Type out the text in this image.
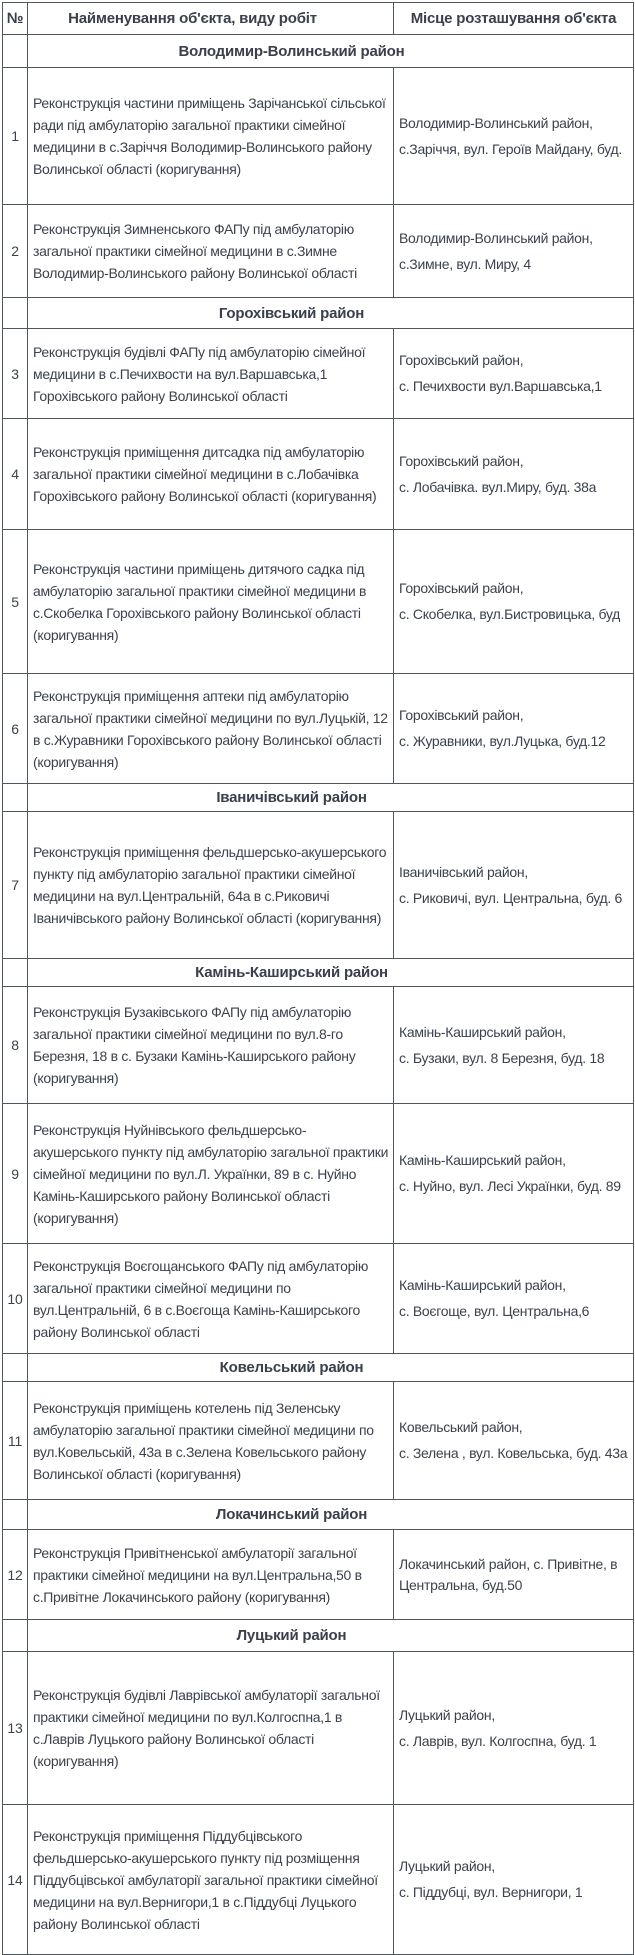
№	Найменування об'єкта, виду робіт	Місце розташування об'єкта
	Володимир-Волинський район	
1	Реконструкція частини приміщень Зарічанської сільської ради під амбулаторію загальної практики сімейної медицини в с.Заріччя Володимир-Волинського району Волинської області (коригування)	Володимир-Волинський район,
с.Заріччя, вул. Героїв Майдану, буд.

2	Реконструкція Зимненського ФАПу під амбулаторію загальної практики сімейної медицини в с.Зимне Володимир-Волинського району Волинської області	Володимир-Волинський район,
с.Зимне, вул. Миру, 4

	Горохівський район	
3	Реконструкція будівлі ФАПу під амбулаторію сімейної медицини в с.Печихвости на вул.Варшавська,1 Горохівського району Волинської області	Горохівський район,
с. Печихвости вул.Варшавська,1

4	Реконструкція приміщення дитсадка під амбулаторію загальної практики сімейної медицини в с.Лобачівка Горохівського району Волинської області (коригування)	Горохівський район,
с. Лобачівка. вул.Миру, буд. 38а

5	Реконструкція частини приміщень дитячого садка під амбулаторію загальної практики сімейної медицини в с.Скобелка Горохівського району Волинської області (коригування)	Горохівський район,
с. Скобелка, вул.Бистровицька, буд

6	Реконструкція приміщення аптеки під амбулаторію загальної практики сімейної медицини по вул.Луцькій, 12 в с.Журавники Горохівського району Волинської області (коригування)	Горохівський район,
с. Журавники, вул.Луцька, буд.12

	Іваничівський район	
7	Реконструкція приміщення фельдшерсько-акушерського пункту під амбулаторію загальної практики сімейної медицини на вул.Центральній, 64а в с.Риковичі Іваничівського району Волинської області (коригування)	Іваничівський район,
с. Риковичі, вул. Центральна, буд. 6

	Камінь-Каширський район	
8	Реконструкція Бузаківського ФАПу під амбулаторію загальної практики сімейної медицини по вул.8-го Березня, 18 в с. Бузаки Камінь-Каширського району (коригування)	Камінь-Каширський район,
с. Бузаки, вул. 8 Березня, буд. 18

9	Реконструкція Нуйнівського фельдшерсько-акушерського пункту під амбулаторію загальної практики сімейної медицини по вул.Л. Українки, 89 в с. Нуйно Камінь-Каширського району Волинської області (коригування)	Камінь-Каширський район,
с. Нуйно, вул. Лесі Українки, буд. 89

10	Реконструкція Воєгощанського ФАПу під амбулаторію загальної практики сімейної медицини по вул.Центральній, 6 в с.Воєгоща Камінь-Каширського району Волинської області	Камінь-Каширський район,
с. Воєгоще, вул. Центральна,6

	Ковельський район	
11	Реконструкція приміщень котелень під Зеленську амбулаторію загальної практики сімейної медицини по вул.Ковельській, 43а в с.Зелена Ковельського району Волинської області (коригування)	Ковельський район,
с. Зелена , вул. Ковельська, буд. 43а

	Локачинський район	
12	Реконструкція Привітненської амбулаторії загальної практики сімейної медицини на вул.Центральна,50 в с.Привітне Локачинського району (коригування)	Локачинський район, с. Привітне, в
Центральна, буд.50

	Луцький район	
13	Реконструкція будівлі Лаврівської амбулаторії загальної практики сімейної медицини по вул.Колгоспна,1 в с.Лаврів Луцького району Волинської області (коригування)	Луцький район,
с. Лаврів, вул. Колгоспна, буд. 1

14	Реконструкція приміщення Піддубцівського фельдшерсько-акушерського пункту під розміщення Піддубцівської амбулаторії загальної практики сімейної медицини на вул.Вернигори,1 в с.Піддубці Луцького району Волинської області	Луцький район,
с. Піддубці, вул. Вернигори, 1
